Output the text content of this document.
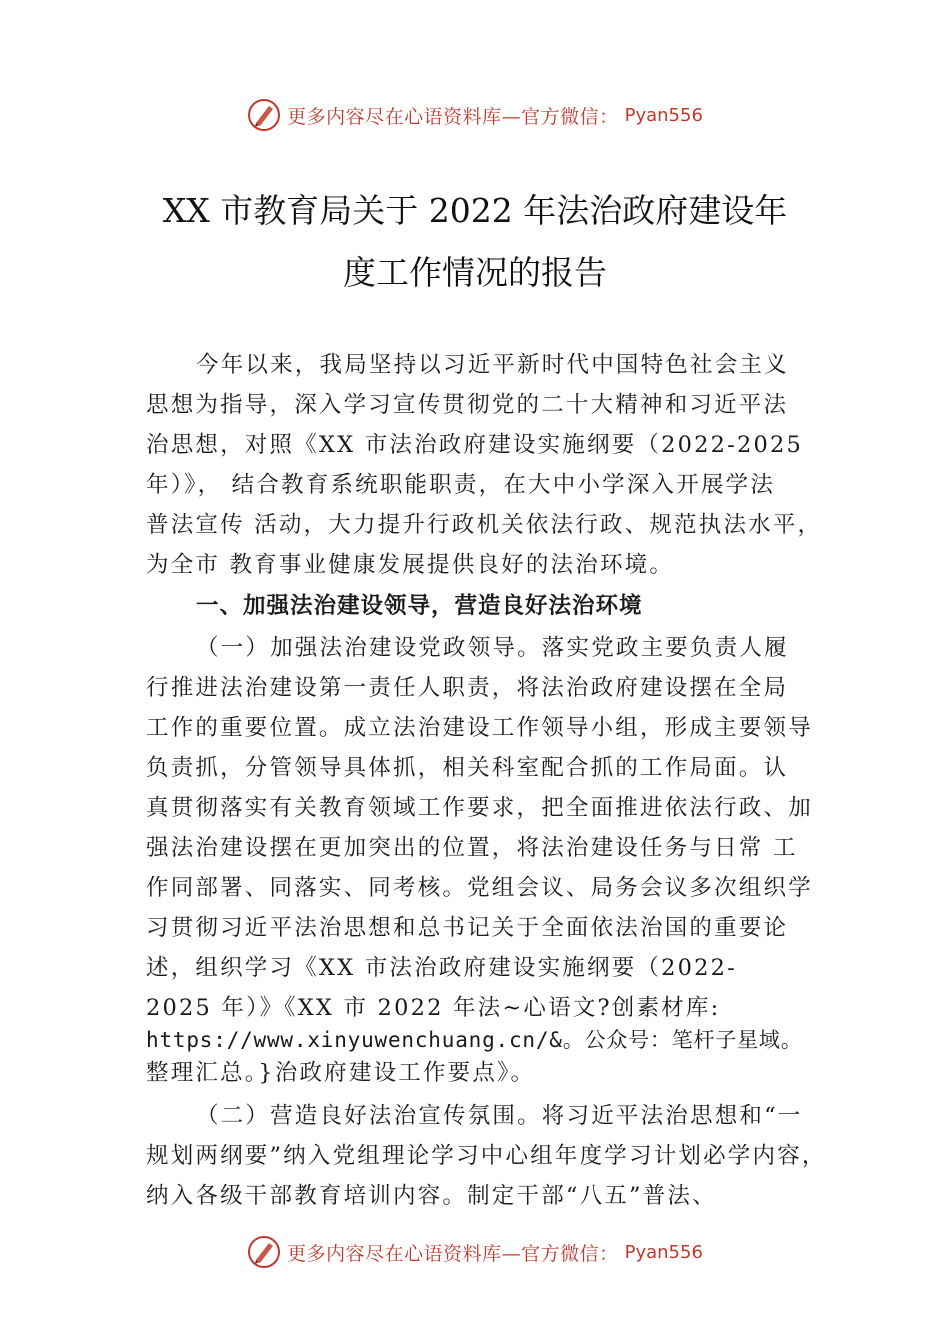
更多内容尽在心语资料库—官方微信： Pyan556
XX 市教育局关于 2022 年法治政府建设年
度工作情况的报告
今年以来，我局坚持以习近平新时代中国特色社会主义
思想为指导，深入学习宣传贯彻党的二十大精神和习近平法
治思想，对照《XX 市法治政府建设实施纲要（2022-2025
年）》， 结合教育系统职能职责，在大中小学深入开展学法
普法宣传 活动，大力提升行政机关依法行政、规范执法水平，
为全市 教育事业健康发展提供良好的法治环境。
一、加强法治建设领导，营造良好法治环境
（一）加强法治建设党政领导。落实党政主要负责人履
行推进法治建设第一责任人职责，将法治政府建设摆在全局
工作的重要位置。成立法治建设工作领导小组，形成主要领导
负责抓，分管领导具体抓，相关科室配合抓的工作局面。认
真贯彻落实有关教育领域工作要求，把全面推进依法行政、加
强法治建设摆在更加突出的位置，将法治建设任务与日常 工
作同部署、同落实、同考核。党组会议、局务会议多次组织学
习贯彻习近平法治思想和总书记关于全面依法治国的重要论
述，组织学习《XX 市法治政府建设实施纲要（2022-
2025 年）》《XX 市 2022 年法~心语文?创素材库:
https://www.xinyuwenchuang.cn/&。公众号：笔杆子星域。
整理汇总。}治政府建设工作要点》。
（二）营造良好法治宣传氛围。将习近平法治思想和“一
规划两纲要”纳入党组理论学习中心组年度学习计划必学内容，
纳入各级干部教育培训内容。制定干部“八五”普法、
更多内容尽在心语资料库—官方微信： Pyan556
